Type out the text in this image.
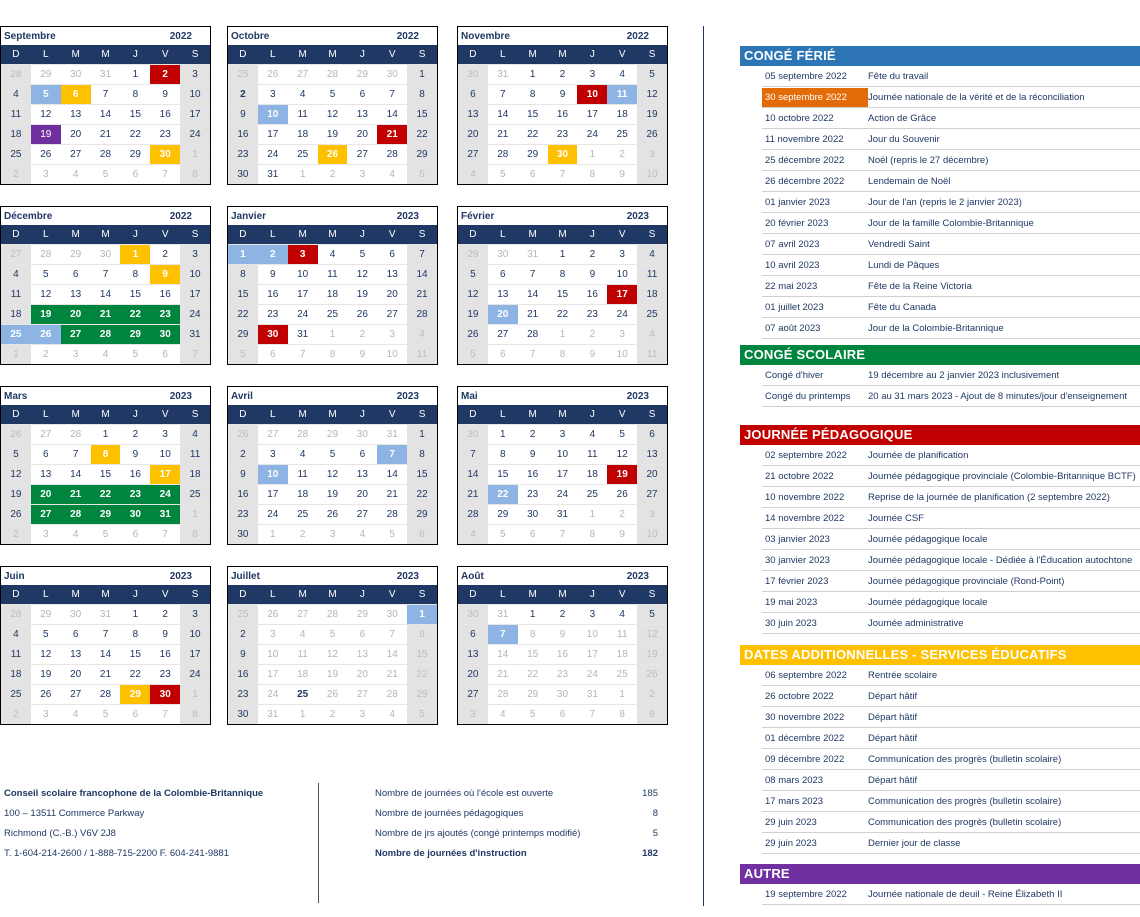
Septembre	2022
D	L	M	M	J	V	S
28	29	30	31	1	2	3
4	5	6	7	8	9	10
11	12	13	14	15	16	17
18	19	20	21	22	23	24
25	26	27	28	29	30	1
2	3	4	5	6	7	8
Octobre	2022
D	L	M	M	J	V	S
25	26	27	28	29	30	1
2	3	4	5	6	7	8
9	10	11	12	13	14	15
16	17	18	19	20	21	22
23	24	25	26	27	28	29
30	31	1	2	3	4	5
Novembre	2022
D	L	M	M	J	V	S
30	31	1	2	3	4	5
6	7	8	9	10	11	12
13	14	15	16	17	18	19
20	21	22	23	24	25	26
27	28	29	30	1	2	3
4	5	6	7	8	9	10
Décembre	2022
D	L	M	M	J	V	S
27	28	29	30	1	2	3
4	5	6	7	8	9	10
11	12	13	14	15	16	17
18	19	20	21	22	23	24
25	26	27	28	29	30	31
1	2	3	4	5	6	7
Janvier	2023
D	L	M	M	J	V	S
1	2	3	4	5	6	7
8	9	10	11	12	13	14
15	16	17	18	19	20	21
22	23	24	25	26	27	28
29	30	31	1	2	3	4
5	6	7	8	9	10	11
Février	2023
D	L	M	M	J	V	S
29	30	31	1	2	3	4
5	6	7	8	9	10	11
12	13	14	15	16	17	18
19	20	21	22	23	24	25
26	27	28	1	2	3	4
5	6	7	8	9	10	11
Mars	2023
D	L	M	M	J	V	S
26	27	28	1	2	3	4
5	6	7	8	9	10	11
12	13	14	15	16	17	18
19	20	21	22	23	24	25
26	27	28	29	30	31	1
2	3	4	5	6	7	8
Avril	2023
D	L	M	M	J	V	S
26	27	28	29	30	31	1
2	3	4	5	6	7	8
9	10	11	12	13	14	15
16	17	18	19	20	21	22
23	24	25	26	27	28	29
30	1	2	3	4	5	6
Mai	2023
D	L	M	M	J	V	S
30	1	2	3	4	5	6
7	8	9	10	11	12	13
14	15	16	17	18	19	20
21	22	23	24	25	26	27
28	29	30	31	1	2	3
4	5	6	7	8	9	10
Juin	2023
D	L	M	M	J	V	S
28	29	30	31	1	2	3
4	5	6	7	8	9	10
11	12	13	14	15	16	17
18	19	20	21	22	23	24
25	26	27	28	29	30	1
2	3	4	5	6	7	8
Juillet	2023
D	L	M	M	J	V	S
25	26	27	28	29	30	1
2	3	4	5	6	7	8
9	10	11	12	13	14	15
16	17	18	19	20	21	22
23	24	25	26	27	28	29
30	31	1	2	3	4	5
Août	2023
D	L	M	M	J	V	S
30	31	1	2	3	4	5
6	7	8	9	10	11	12
13	14	15	16	17	18	19
20	21	22	23	24	25	26
27	28	29	30	31	1	2
3	4	5	6	7	8	9
CONGÉ FÉRIÉ
05 septembre 2022	Fête du travail
30 septembre 2022	Journée nationale de la vérité et de la réconciliation
10 octobre 2022	Action de Grâce
11 novembre 2022	Jour du Souvenir
25 décembre 2022	Noël (repris le 27 décembre)
26 décembre 2022	Lendemain de Noël
01 janvier 2023	Jour de l'an (repris le 2 janvier 2023)
20 février 2023	Jour de la famille Colombie-Britannique
07 avril 2023	Vendredi Saint
10 avril 2023	Lundi de Pâques
22 mai 2023	Fête de la Reine Victoria
01 juillet 2023	Fête du Canada
07 août 2023	Jour de la Colombie-Britannique
CONGÉ SCOLAIRE
Congé d'hiver	19 décembre au 2 janvier 2023 inclusivement
Congé du printemps	20 au 31 mars 2023 - Ajout de 8 minutes/jour d'enseignement
JOURNÉE PÉDAGOGIQUE
02 septembre 2022	Journée de planification
21 octobre 2022	Journée pédagogique provinciale (Colombie-Britannique BCTF)
10 novembre 2022	Reprise de la journée de planification (2 septembre 2022)
14 novembre 2022	Journée CSF
03 janvier 2023	Journée pédagogique locale
30 janvier 2023	Journée pédagogique locale - Dédiée à l'Éducation autochtone
17 février 2023	Journée pédagogique provinciale (Rond-Point)
19 mai 2023	Journée pédagogique locale
30 juin 2023	Journée administrative
DATES ADDITIONNELLES - SERVICES ÉDUCATIFS
06 septembre 2022	Rentrée scolaire
26 octobre 2022	Départ hâtif
30 novembre 2022	Départ hâtif
01 décembre 2022	Départ hâtif
09 décembre 2022	Communication des progrès (bulletin scolaire)
08 mars 2023	Départ hâtif
17 mars 2023	Communication des progrès (bulletin scolaire)
29 juin 2023	Communication des progrès (bulletin scolaire)
29 juin 2023	Dernier jour de classe
AUTRE
19 septembre 2022	Journée nationale de deuil - Reine Élizabeth II
Conseil scolaire francophone de la Colombie-Britannique
100 – 13511 Commerce Parkway
Richmond (C.-B.) V6V 2J8
T. 1-604-214-2600 / 1-888-715-2200 F. 604-241-9881
Nombre de journées où l'école est ouverte	185
Nombre de journées pédagogiques	8
Nombre de jrs ajoutés (congé printemps modifié)	5
Nombre de journées d'instruction	182
